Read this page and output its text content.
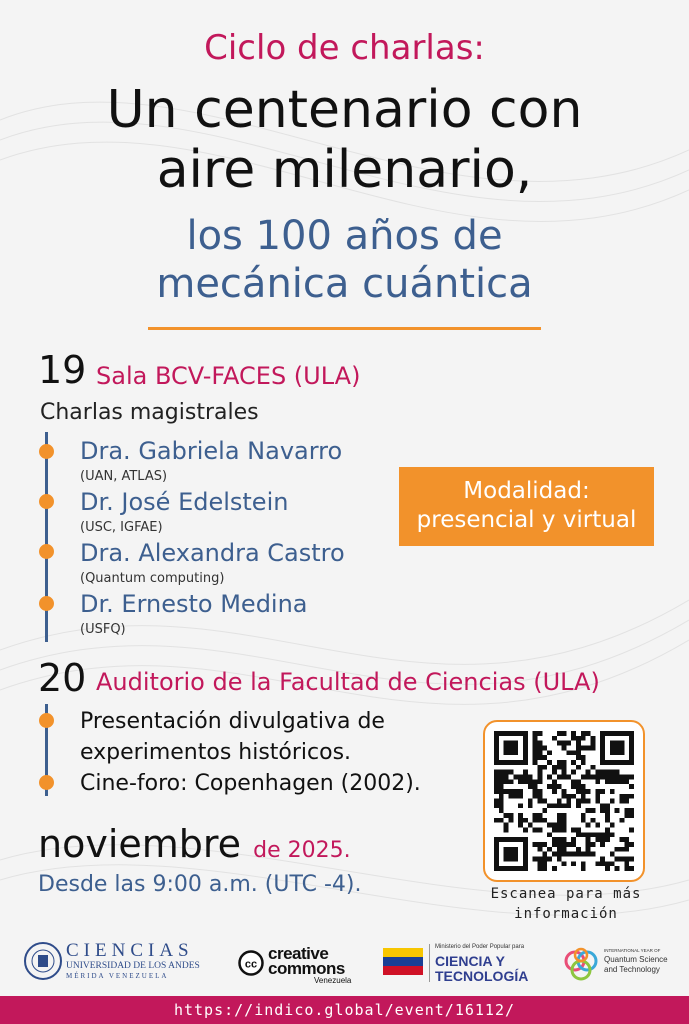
Ciclo de charlas:
Un centenario con
aire milenario,
los 100 años de
mecánica cuántica
19 Sala BCV-FACES (ULA)
Charlas magistrales
Dra. Gabriela Navarro
(UAN, ATLAS)
Dr. José Edelstein
(USC, IGFAE)
Dra. Alexandra Castro
(Quantum computing)
Dr. Ernesto Medina
(USFQ)
Modalidad:
presencial y virtual
20 Auditorio de la Facultad de Ciencias (ULA)
Presentación divulgativa de
experimentos históricos.
Cine-foro: Copenhagen (2002).
Escanea para más
información
noviembre de 2025.
Desde las 9:00 a.m. (UTC -4).
CIENCIAS
UNIVERSIDAD DE LOS ANDES
MÉRIDA VENEZUELA
cc
creative
commons
Venezuela
Ministerio del Poder Popular para
CIENCIA Y
TECNOLOGÍA
INTERNATIONAL YEAR OF
Quantum Science
and Technology
https://indico.global/event/16112/
